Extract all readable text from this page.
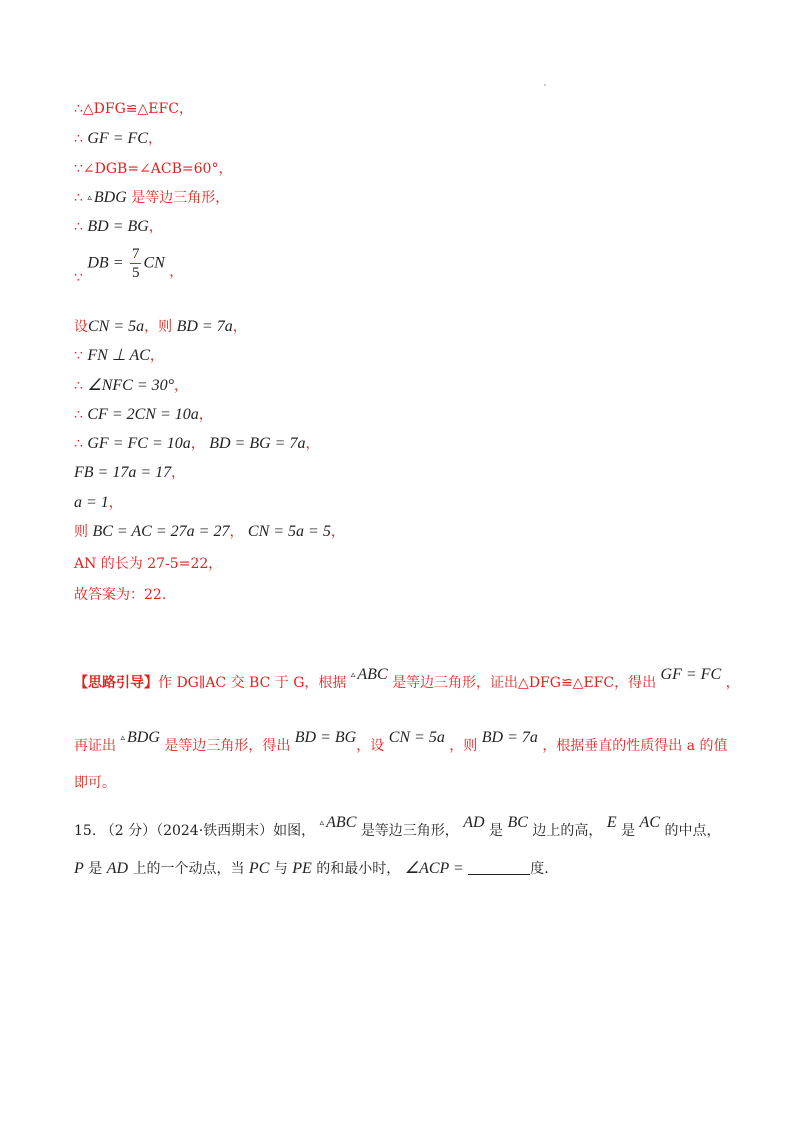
∴△DFG≌△EFC，
∴ GF = FC，
∵∠DGB=∠ACB=60°，
∴ ▵ BDG 是等边三角形，
∴ BD = BG，
∵ DB = $\frac{7}{5}$ CN ，
设CN = 5a，则 BD = 7a，
∵ FN ⊥ AC，
∴ ∠NFC = 30°，
∴ CF = 2CN = 10a，
∴ GF = FC = 10a， BD = BG = 7a，
FB = 17a = 17，
a = 1，
则 BC = AC = 27a = 27， CN = 5a = 5，
AN 的长为 27-5=22，
故答案为：22.
【思路引导】作 DG∥AC 交 BC 于 G，根据 ▵ ABC 是等边三角形，证出△DFG≌△EFC，得出 GF = FC ，
再证出 ▵ BDG 是等边三角形，得出 BD = BG，设 CN = 5a ，则 BD = 7a ，根据垂直的性质得出 a 的值
即可。
15. （2 分）（2024·铁西期末）如图， ▵ ABC 是等边三角形， AD 是 BC 边上的高， E 是 AC 的中点，
P 是 AD 上的一个动点，当 PC 与 PE 的和最小时， ∠ACP =	度.
